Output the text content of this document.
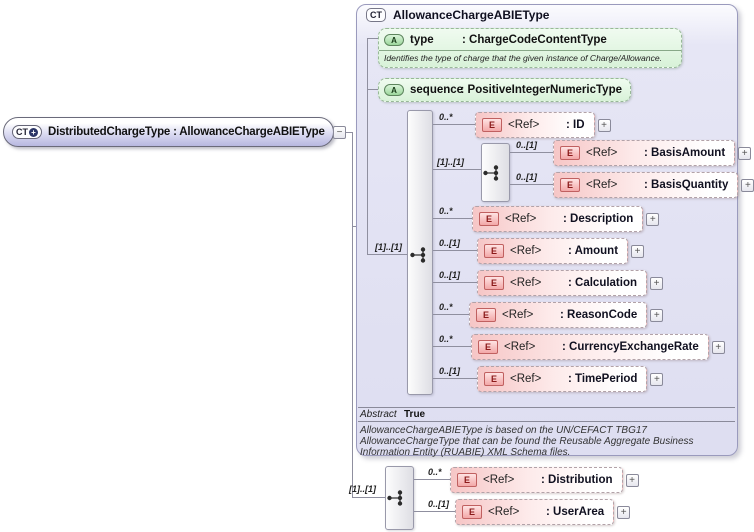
[1]..[1]
CT + DistributedChargeType : AllowanceChargeABIEType	−
CT AllowanceChargeABIEType
[1]..[1]
A	type	: ChargeCodeContentType
Identifies the type of charge that the given instance of Charge/Allowance.
A	sequence
: PositiveIntegerNumericType
[1]..[1]
0..*
E	<Ref>	: ID	+
0..[1]
E	<Ref>	: BasisAmount	+
0..[1]
E	<Ref>	: BasisQuantity	+
0..*
E	<Ref>	: Description	+
0..[1]
E	<Ref>	: Amount	+
0..[1]
E	<Ref>	: Calculation	+
0..*
E	<Ref>	: ReasonCode	+
0..*
E	<Ref>	: CurrencyExchangeRate	+
0..[1]
E	<Ref>	: TimePeriod	+
Abstract True
AllowanceChargeABIEType is based on the UN/CEFACT TBG17 AllowanceChargeType that can be found the Reusable Aggregate Business Information Entity (RUABIE) XML Schema files.
0..*
E	<Ref>	: Distribution	+
0..[1]
E	<Ref>	: UserArea	+
